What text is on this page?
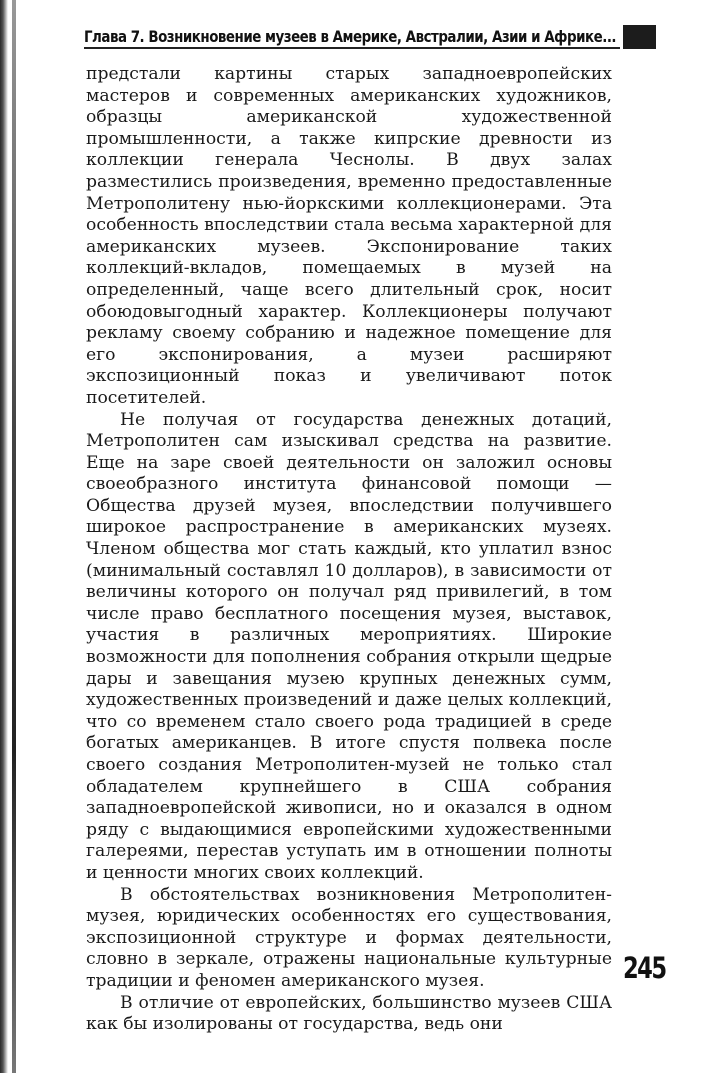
Глава 7. Возникновение музеев в Америке, Австралии, Азии и Африке...

предстали картины старых западноевропейских мастеров и современных американских художников, образцы американской художественной промышленности, а также кипрские древности из коллекции генерала Чеснолы. В двух залах разместились произведения, временно предоставленные Метрополитену нью-йоркскими коллекционерами. Эта особенность впоследствии стала весьма характерной для американских музеев. Экспонирование таких коллекций-вкладов, помещаемых в музей на определенный, чаще всего длительный срок, носит обоюдовыгодный характер. Коллекционеры получают рекламу своему собранию и надежное помещение для его экспонирования, а музеи расширяют экспозиционный показ и увеличивают поток посетителей.

Не получая от государства денежных дотаций, Метрополитен сам изыскивал средства на развитие. Еще на заре своей деятельности он заложил основы своеобразного института финансовой помощи — Общества друзей музея, впоследствии получившего широкое распространение в американских музеях. Членом общества мог стать каждый, кто уплатил взнос (минимальный составлял 10 долларов), в зависимости от величины которого он получал ряд привилегий, в том числе право бесплатного посещения музея, выставок, участия в различных мероприятиях. Широкие возможности для пополнения собрания открыли щедрые дары и завещания музею крупных денежных сумм, художественных произведений и даже целых коллекций, что со временем стало своего рода традицией в среде богатых американцев. В итоге спустя полвека после своего создания Метрополитен-музей не только стал обладателем крупнейшего в США собрания западноевропейской живописи, но и оказался в одном ряду с выдающимися европейскими художественными галереями, перестав уступать им в отношении полноты и ценности многих своих коллекций.

В обстоятельствах возникновения Метрополитен-музея, юридических особенностях его существования, экспозиционной структуре и формах деятельности, словно в зеркале, отражены национальные культурные традиции и феномен американского музея.

В отличие от европейских, большинство музеев США как бы изолированы от государства, ведь они

245
